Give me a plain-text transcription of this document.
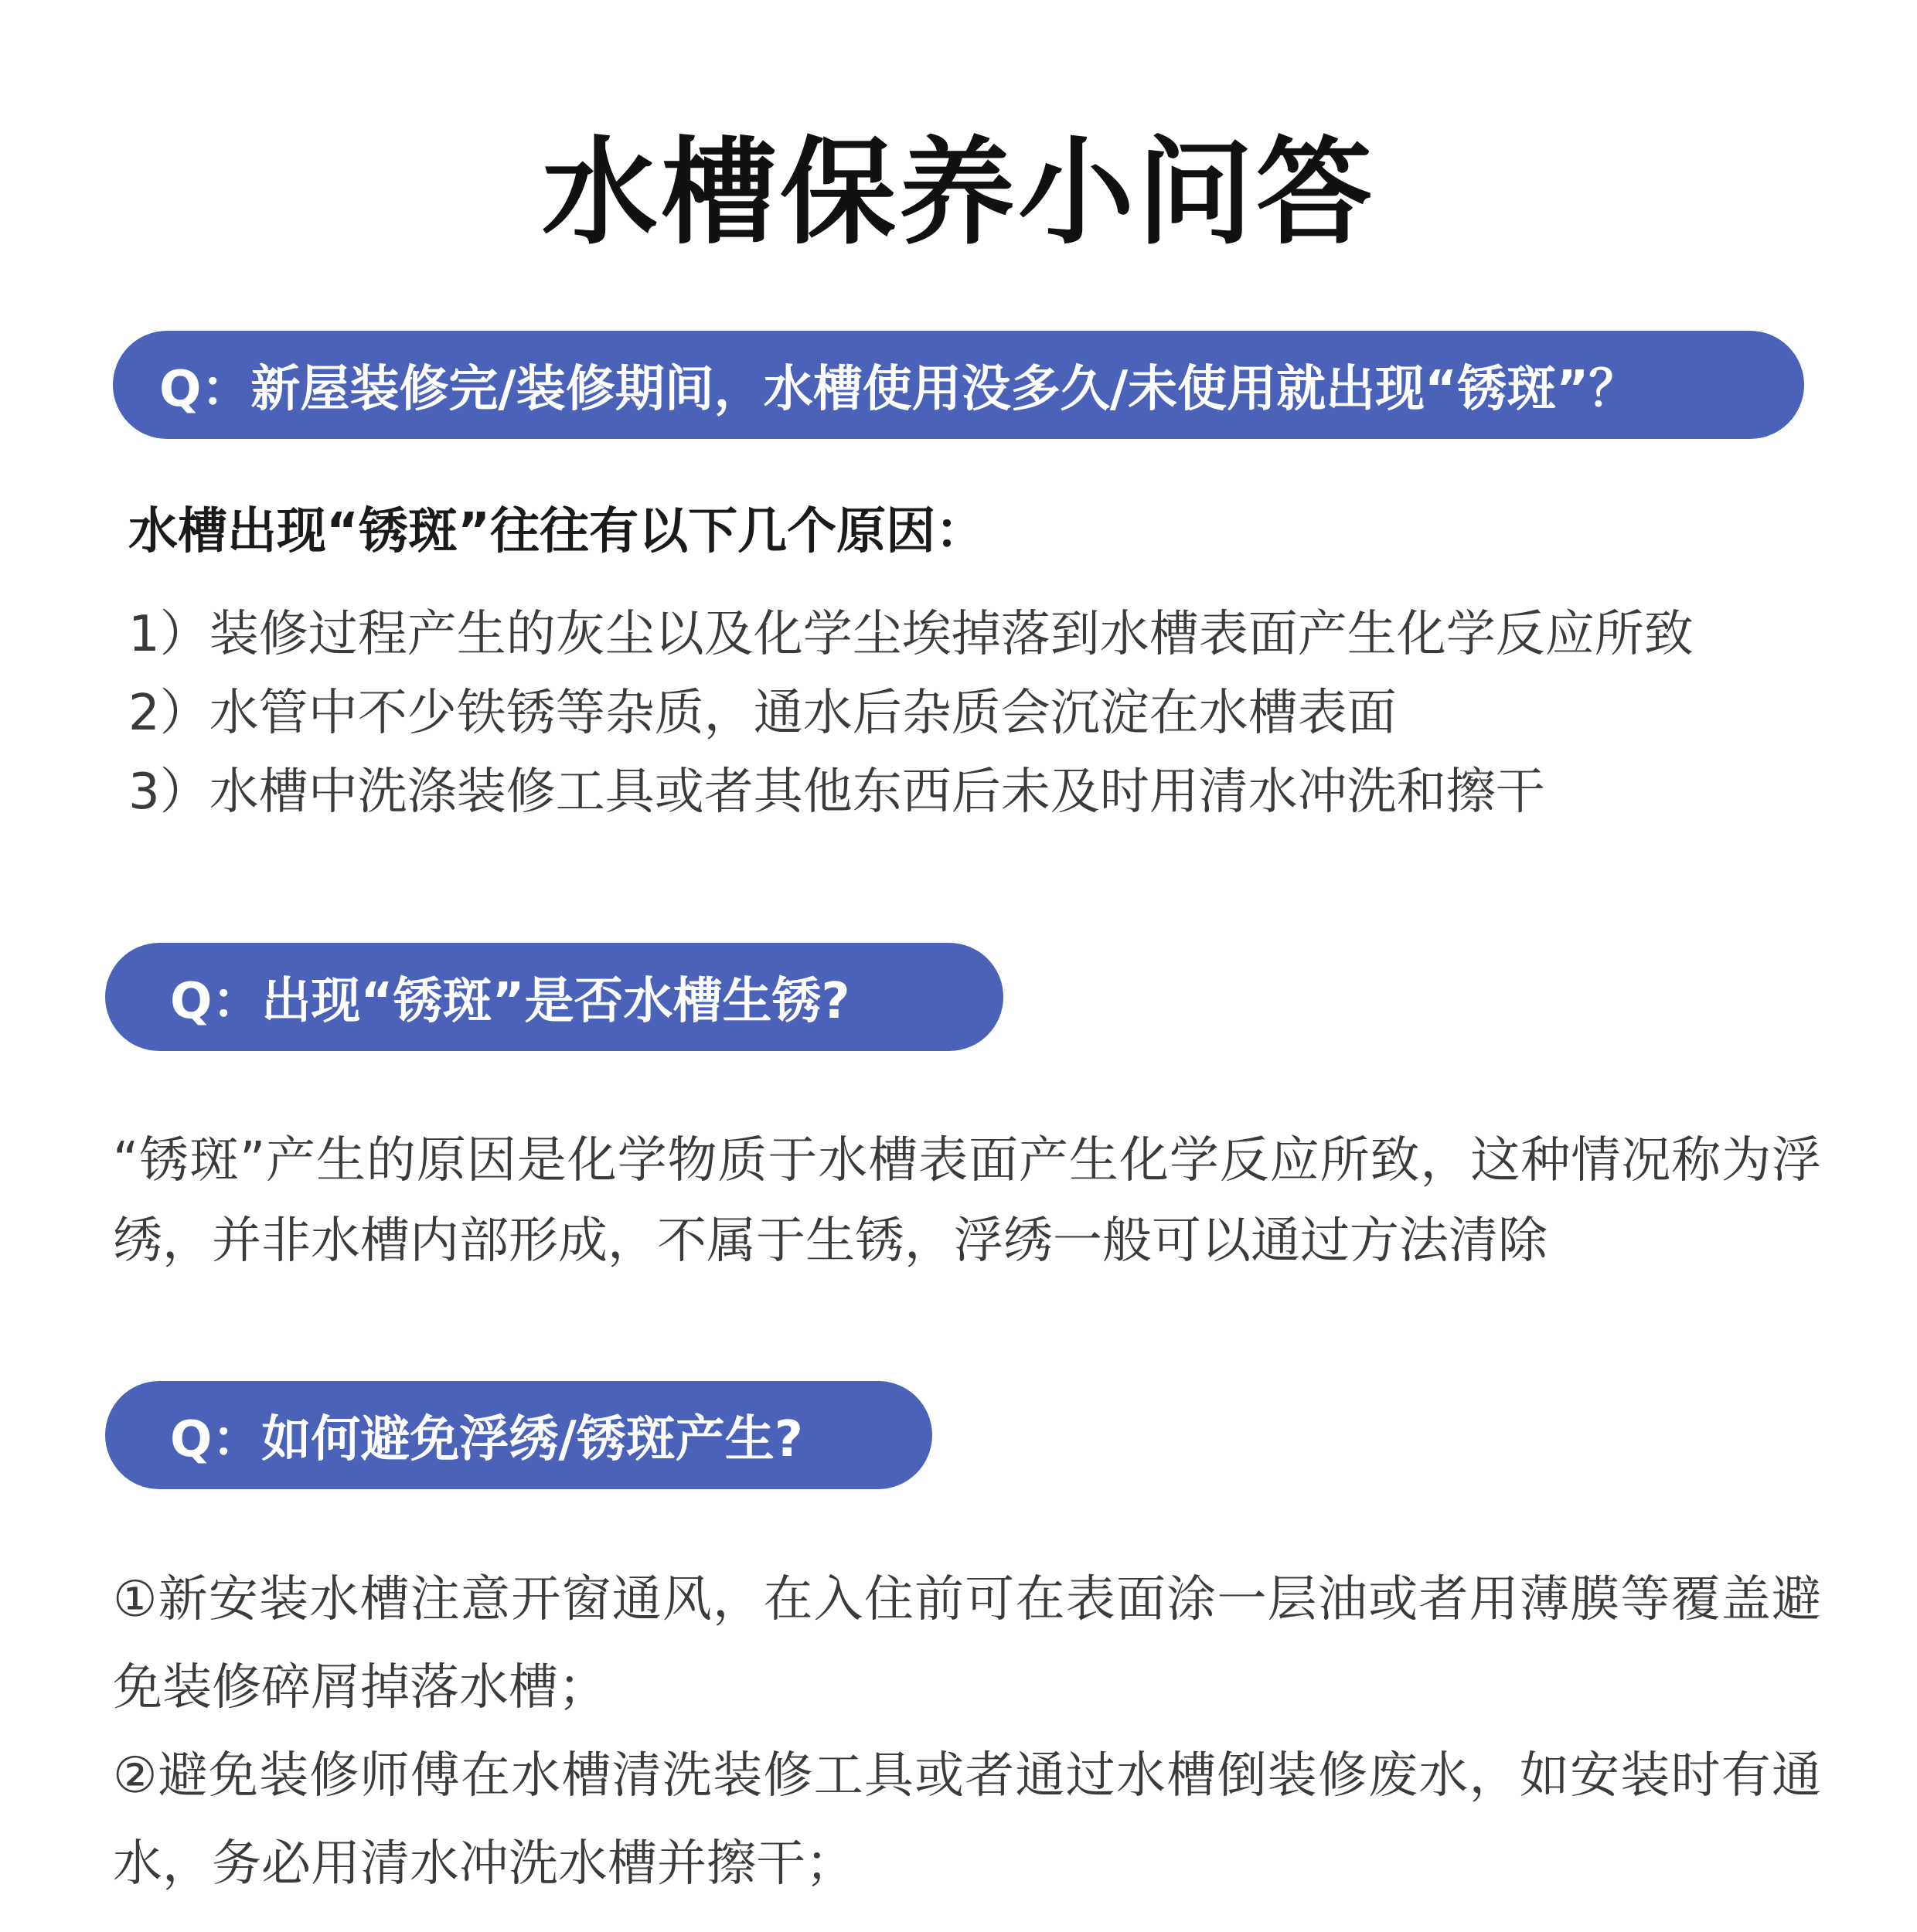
水槽保养小问答
Q：新屋装修完/装修期间，水槽使用没多久/未使用就出现“锈斑”？
水槽出现“锈斑”往往有以下几个原因：
1）装修过程产生的灰尘以及化学尘埃掉落到水槽表面产生化学反应所致
2）水管中不少铁锈等杂质，通水后杂质会沉淀在水槽表面
3）水槽中洗涤装修工具或者其他东西后未及时用清水冲洗和擦干
Q：出现“锈斑”是否水槽生锈?
“锈斑”产生的原因是化学物质于水槽表面产生化学反应所致，这种情况称为浮绣，并非水槽内部形成，不属于生锈，浮绣一般可以通过方法清除
Q：如何避免浮绣/锈斑产生?
①新安装水槽注意开窗通风，在入住前可在表面涂一层油或者用薄膜等覆盖避免装修碎屑掉落水槽；
②避免装修师傅在水槽清洗装修工具或者通过水槽倒装修废水，如安装时有通水，务必用清水冲洗水槽并擦干；
